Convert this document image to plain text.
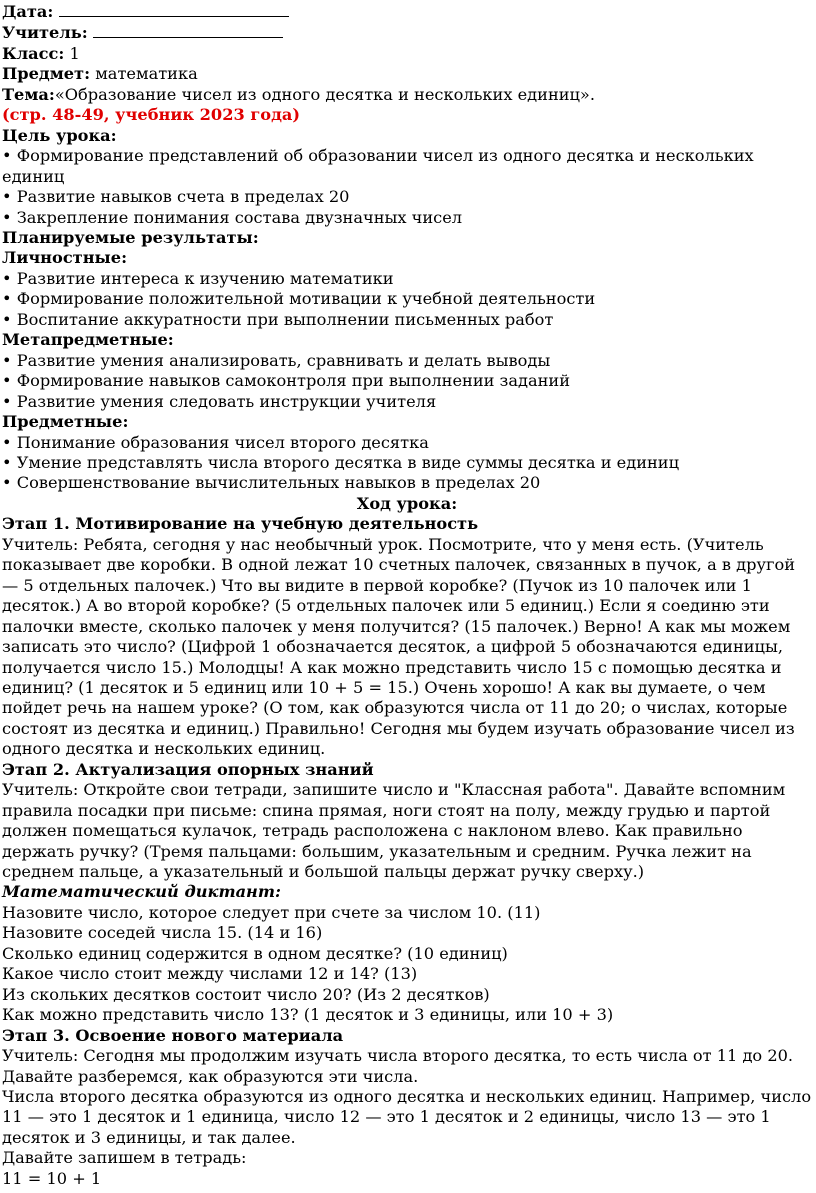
Дата:

Учитель:

Класс: 1

Предмет: математика

Тема:«Образование чисел из одного десятка и нескольких единиц».

(стр. 48-49, учебник 2023 года)

Цель урока:

• Формирование представлений об образовании чисел из одного десятка и нескольких единиц

• Развитие навыков счета в пределах 20

• Закрепление понимания состава двузначных чисел

Планируемые результаты:

Личностные:

• Развитие интереса к изучению математики

• Формирование положительной мотивации к учебной деятельности

• Воспитание аккуратности при выполнении письменных работ

Метапредметные:

• Развитие умения анализировать, сравнивать и делать выводы

• Формирование навыков самоконтроля при выполнении заданий

• Развитие умения следовать инструкции учителя

Предметные:

• Понимание образования чисел второго десятка

• Умение представлять числа второго десятка в виде суммы десятка и единиц

• Совершенствование вычислительных навыков в пределах 20

Ход урока:

Этап 1. Мотивирование на учебную деятельность

Учитель: Ребята, сегодня у нас необычный урок. Посмотрите, что у меня есть. (Учитель показывает две коробки. В одной лежат 10 счетных палочек, связанных в пучок, а в другой — 5 отдельных палочек.) Что вы видите в первой коробке? (Пучок из 10 палочек или 1 десяток.) А во второй коробке? (5 отдельных палочек или 5 единиц.) Если я соединю эти палочки вместе, сколько палочек у меня получится? (15 палочек.) Верно! А как мы можем записать это число? (Цифрой 1 обозначается десяток, а цифрой 5 обозначаются единицы, получается число 15.) Молодцы! А как можно представить число 15 с помощью десятка и единиц? (1 десяток и 5 единиц или 10 + 5 = 15.) Очень хорошо! А как вы думаете, о чем пойдет речь на нашем уроке? (О том, как образуются числа от 11 до 20; о числах, которые состоят из десятка и единиц.) Правильно! Сегодня мы будем изучать образование чисел из одного десятка и нескольких единиц.

Этап 2. Актуализация опорных знаний

Учитель: Откройте свои тетради, запишите число и "Классная работа". Давайте вспомним правила посадки при письме: спина прямая, ноги стоят на полу, между грудью и партой должен помещаться кулачок, тетрадь расположена с наклоном влево. Как правильно держать ручку? (Тремя пальцами: большим, указательным и средним. Ручка лежит на среднем пальце, а указательный и большой пальцы держат ручку сверху.)

Математический диктант:

Назовите число, которое следует при счете за числом 10. (11)

Назовите соседей числа 15. (14 и 16)

Сколько единиц содержится в одном десятке? (10 единиц)

Какое число стоит между числами 12 и 14? (13)

Из скольких десятков состоит число 20? (Из 2 десятков)

Как можно представить число 13? (1 десяток и 3 единицы, или 10 + 3)

Этап 3. Освоение нового материала

Учитель: Сегодня мы продолжим изучать числа второго десятка, то есть числа от 11 до 20. Давайте разберемся, как образуются эти числа.

Числа второго десятка образуются из одного десятка и нескольких единиц. Например, число 11 — это 1 десяток и 1 единица, число 12 — это 1 десяток и 2 единицы, число 13 — это 1 десяток и 3 единицы, и так далее.

Давайте запишем в тетрадь:

11 = 10 + 1
